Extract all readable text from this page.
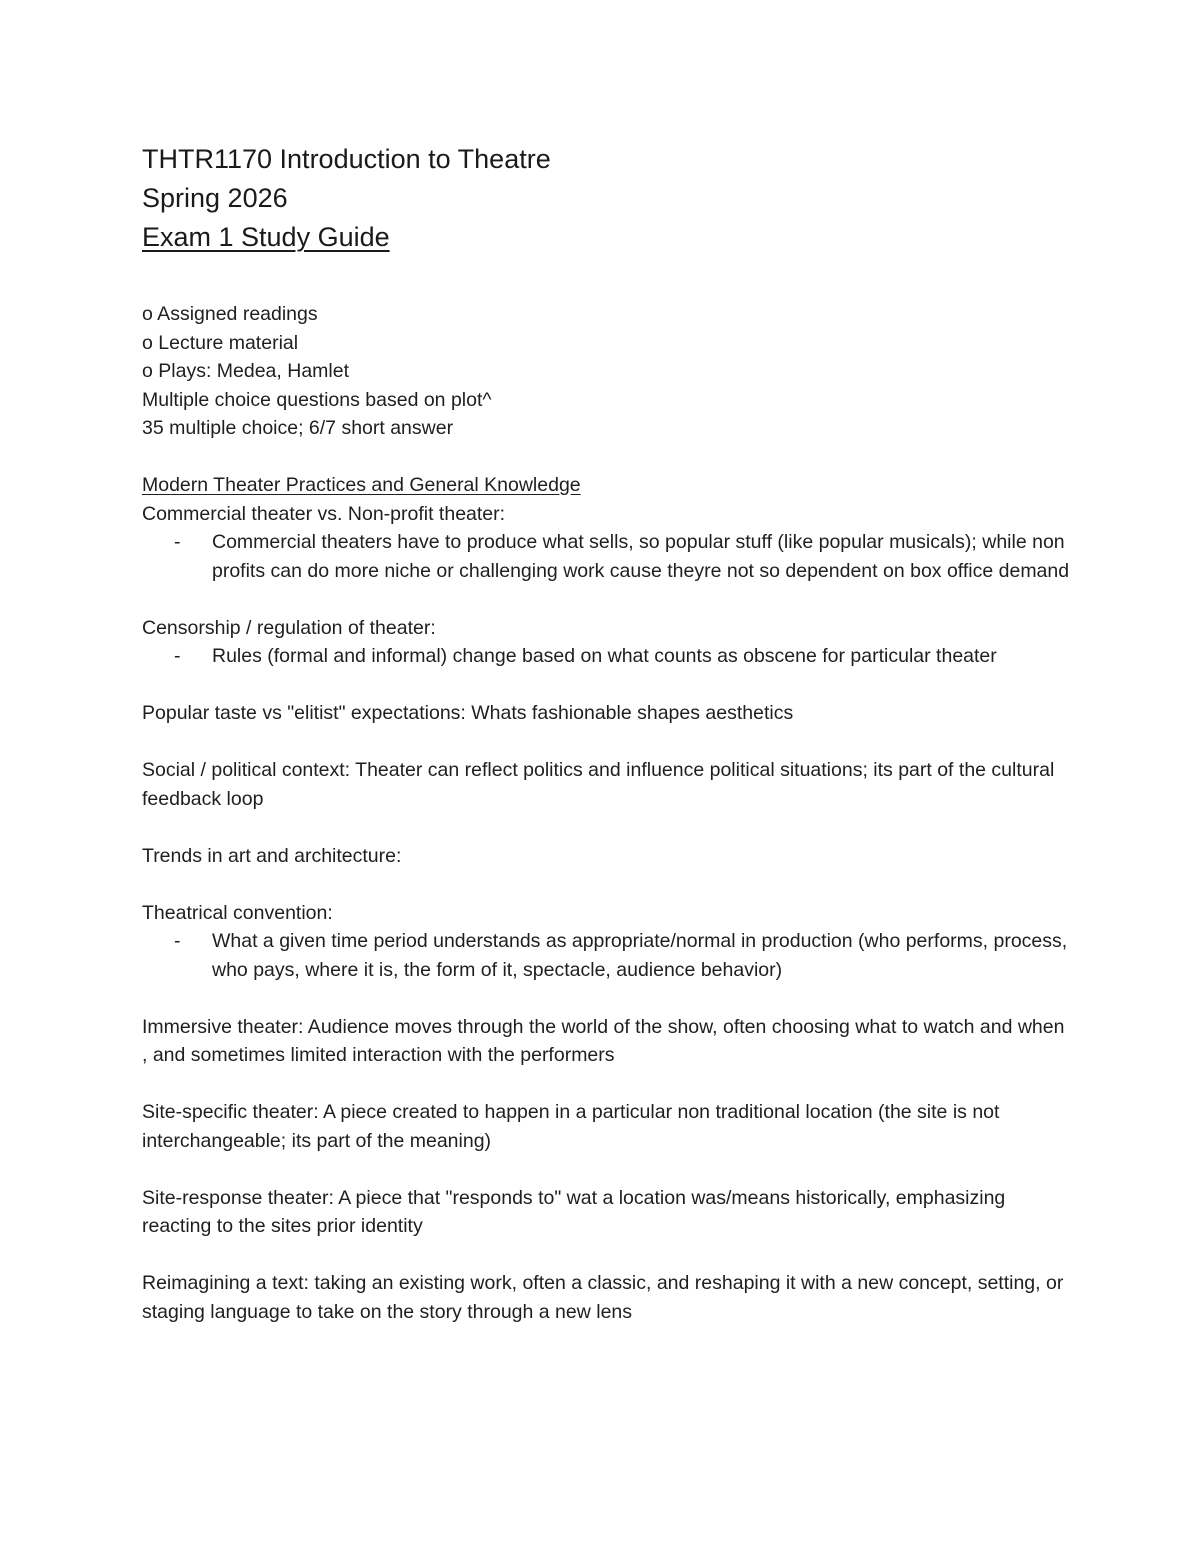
THTR1170 Introduction to Theatre
Spring 2026
Exam 1 Study Guide
o Assigned readings
o Lecture material
o Plays: Medea, Hamlet
Multiple choice questions based on plot^
35 multiple choice; 6/7 short answer
Modern Theater Practices and General Knowledge
Commercial theater vs. Non-profit theater:
-	Commercial theaters have to produce what sells, so popular stuff (like popular musicals); while non profits can do more niche or challenging work cause theyre not so dependent on box office demand
Censorship / regulation of theater:
-	Rules (formal and informal) change based on what counts as obscene for particular theater
Popular taste vs "elitist" expectations: Whats fashionable shapes aesthetics
Social / political context: Theater can reflect politics and influence political situations; its part of the cultural feedback loop
Trends in art and architecture:
Theatrical convention:
-	What a given time period understands as appropriate/normal in production (who performs, process, who pays, where it is, the form of it, spectacle, audience behavior)
Immersive theater: Audience moves through the world of the show, often choosing what to watch and when , and sometimes limited interaction with the performers
Site-specific theater: A piece created to happen in a particular non traditional location (the site is not interchangeable; its part of the meaning)
Site-response theater: A piece that "responds to" wat a location was/means historically, emphasizing reacting to the sites prior identity
Reimagining a text: taking an existing work, often a classic, and reshaping it with a new concept, setting, or staging language to take on the story through a new lens
